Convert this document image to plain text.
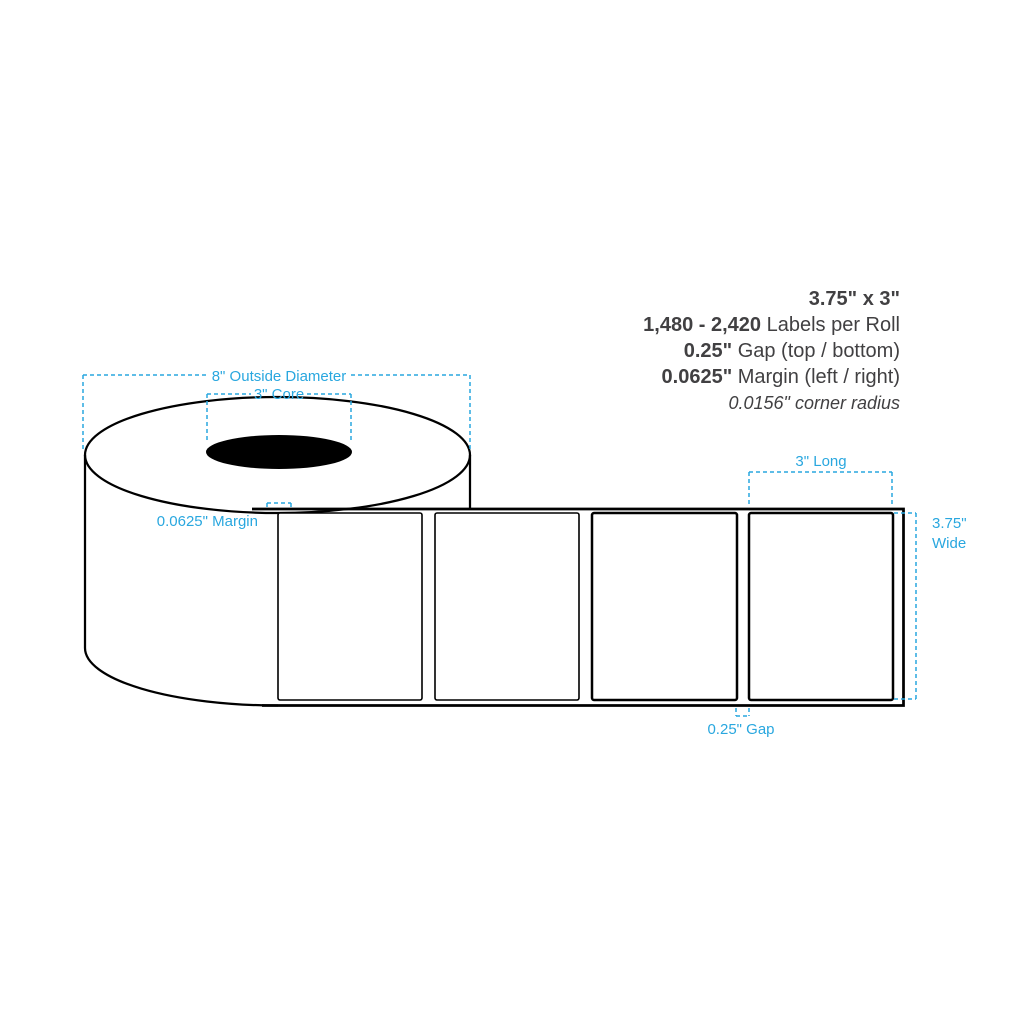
3.75" x 3"
1,480 - 2,420 Labels per Roll
0.25" Gap (top / bottom)
0.0625" Margin (left / right)
0.0156" corner radius
8" Outside Diameter
3" Core
0.0625" Margin
3" Long
3.75"
Wide
0.25" Gap
